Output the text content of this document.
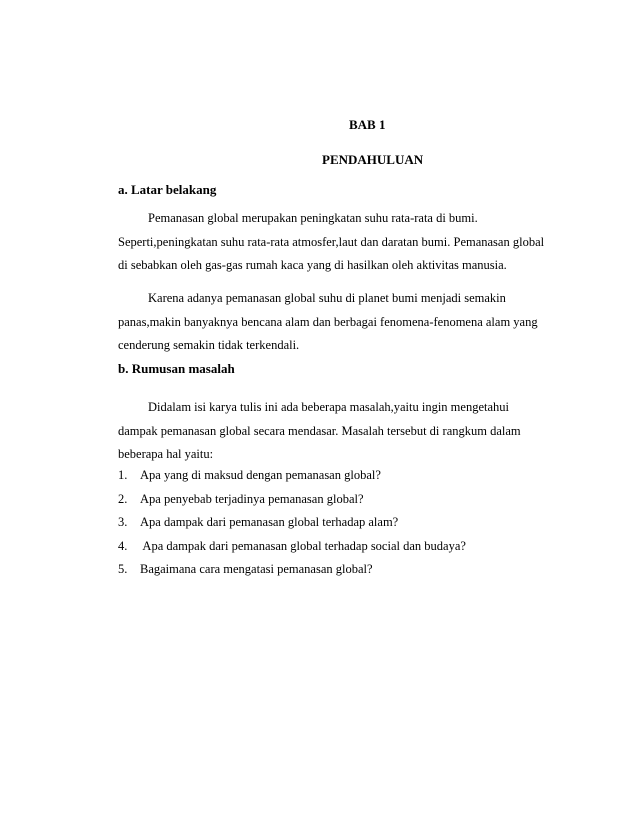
BAB 1
PENDAHULUAN
a. Latar belakang
Pemanasan global merupakan peningkatan suhu rata-rata di bumi.
Seperti,peningkatan suhu rata-rata atmosfer,laut dan daratan bumi. Pemanasan global
di sebabkan oleh gas-gas rumah kaca yang di hasilkan oleh aktivitas manusia.
Karena adanya pemanasan global suhu di planet bumi menjadi semakin
panas,makin banyaknya bencana alam dan berbagai fenomena-fenomena alam yang
cenderung semakin tidak terkendali.
b. Rumusan masalah
Didalam isi karya tulis ini ada beberapa masalah,yaitu ingin mengetahui
dampak pemanasan global secara mendasar. Masalah tersebut di rangkum dalam
beberapa hal yaitu:
1. Apa yang di maksud dengan pemanasan global?
2. Apa penyebab terjadinya pemanasan global?
3. Apa dampak dari pemanasan global terhadap alam?
4. Apa dampak dari pemanasan global terhadap social dan budaya?
5. Bagaimana cara mengatasi pemanasan global?
